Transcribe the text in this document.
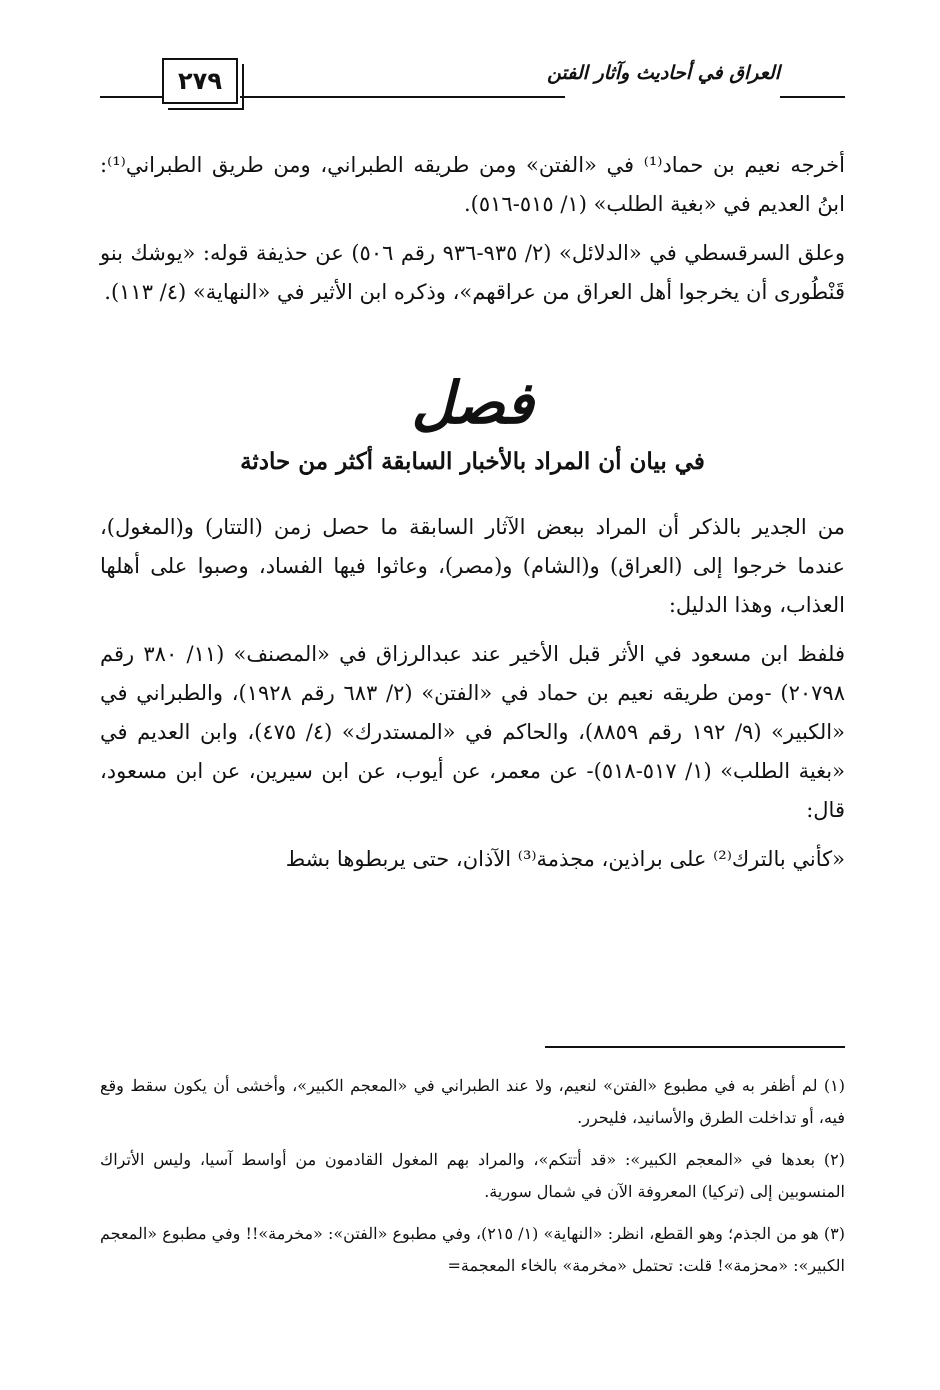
٢٧٩	العراق في أحاديث وآثار الفتن

أخرجه نعيم بن حماد⁽¹⁾ في «الفتن» ومن طريقه الطبراني، ومن طريق الطبراني⁽¹⁾: ابنُ العديم في «بغية الطلب» (١/ ٥١٥-٥١٦).

وعلق السرقسطي في «الدلائل» (٢/ ٩٣٥-٩٣٦ رقم ٥٠٦) عن حذيفة قوله: «يوشك بنو قَنْطُورى أن يخرجوا أهل العراق من عراقهم»، وذكره ابن الأثير في «النهاية» (٤/ ١١٣).

فصل
في بيان أن المراد بالأخبار السابقة أكثر من حادثة

من الجدير بالذكر أن المراد ببعض الآثار السابقة ما حصل زمن (التتار) و(المغول)، عندما خرجوا إلى (العراق) و(الشام) و(مصر)، وعاثوا فيها الفساد، وصبوا على أهلها العذاب، وهذا الدليل:

فلفظ ابن مسعود في الأثر قبل الأخير عند عبدالرزاق في «المصنف» (١١/ ٣٨٠ رقم ٢٠٧٩٨) -ومن طريقه نعيم بن حماد في «الفتن» (٢/ ٦٨٣ رقم ١٩٢٨)، والطبراني في «الكبير» (٩/ ١٩٢ رقم ٨٨٥٩)، والحاكم في «المستدرك» (٤/ ٤٧٥)، وابن العديم في «بغية الطلب» (١/ ٥١٧-٥١٨)- عن معمر، عن أيوب، عن ابن سيرين، عن ابن مسعود، قال:

«كأني بالترك⁽²⁾ على براذين، مجذمة⁽³⁾ الآذان، حتى يربطوها بشط

(١) لم أظفر به في مطبوع «الفتن» لنعيم، ولا عند الطبراني في «المعجم الكبير»، وأخشى أن يكون سقط وقع فيه، أو تداخلت الطرق والأسانيد، فليحرر.

(٢) بعدها في «المعجم الكبير»: «قد أتتكم»، والمراد بهم المغول القادمون من أواسط آسيا، وليس الأتراك المنسوبين إلى (تركيا) المعروفة الآن في شمال سورية.

(٣) هو من الجذم؛ وهو القطع، انظر: «النهاية» (١/ ٢١٥)، وفي مطبوع «الفتن»: «مخرمة»!! وفي مطبوع «المعجم الكبير»: «محزمة»! قلت: تحتمل «مخرمة» بالخاء المعجمة=
